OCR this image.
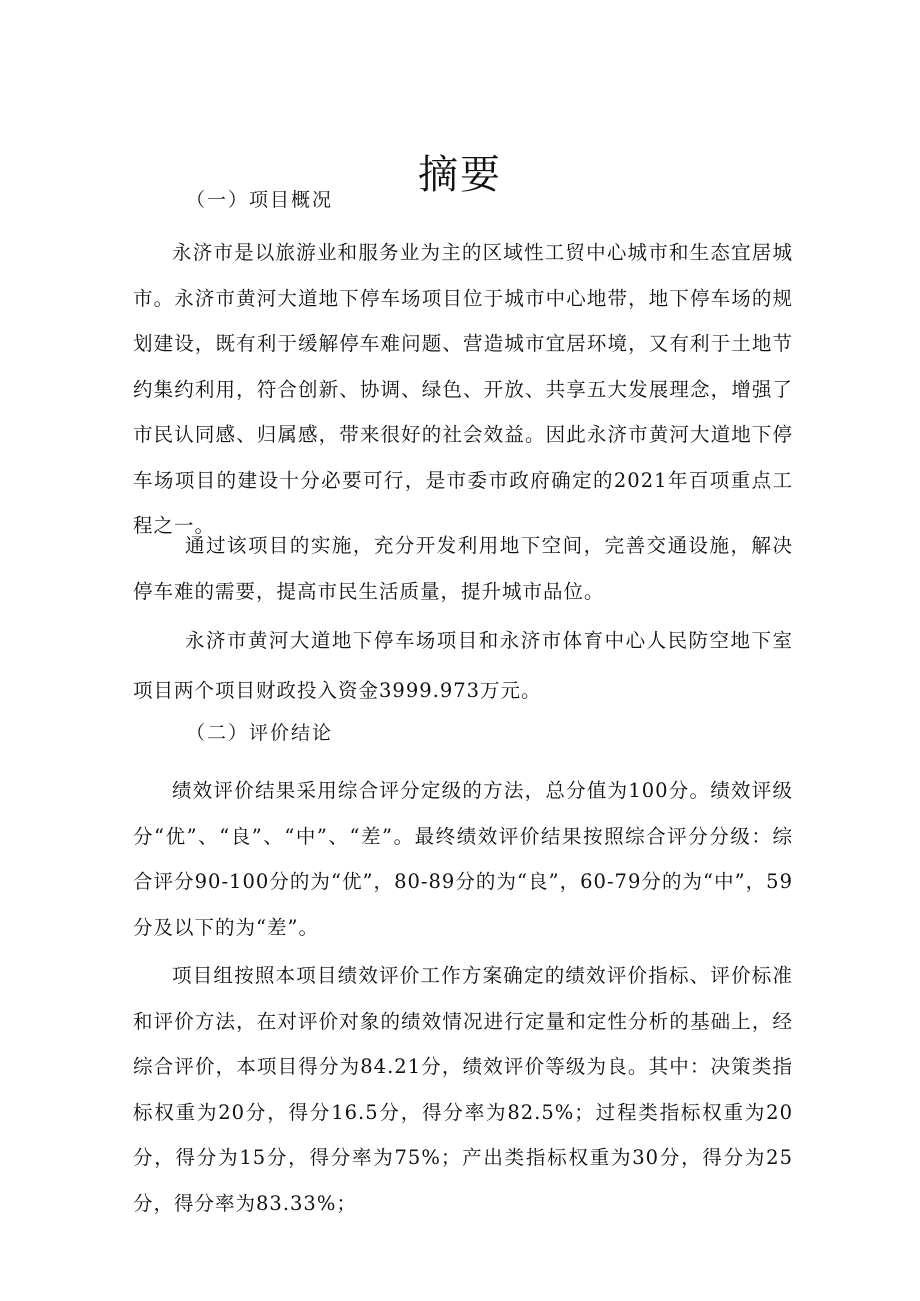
摘要
（一）项目概况

永济市是以旅游业和服务业为主的区域性工贸中心城市和生态宜居城市。永济市黄河大道地下停车场项目位于城市中心地带，地下停车场的规划建设，既有利于缓解停车难问题、营造城市宜居环境，又有利于土地节约集约利用，符合创新、协调、绿色、开放、共享五大发展理念，增强了市民认同感、归属感，带来很好的社会效益。因此永济市黄河大道地下停车场项目的建设十分必要可行，是市委市政府确定的2021年百项重点工程之一。

通过该项目的实施，充分开发利用地下空间，完善交通设施，解决停车难的需要，提高市民生活质量，提升城市品位。

永济市黄河大道地下停车场项目和永济市体育中心人民防空地下室项目两个项目财政投入资金3999.973万元。

（二）评价结论

绩效评价结果采用综合评分定级的方法，总分值为100分。绩效评级分“优”、“良”、“中”、“差”。最终绩效评价结果按照综合评分分级：综合评分90-100分的为“优”，80-89分的为“良”，60-79分的为“中”，59分及以下的为“差”。

项目组按照本项目绩效评价工作方案确定的绩效评价指标、评价标准和评价方法，在对评价对象的绩效情况进行定量和定性分析的基础上，经综合评价，本项目得分为84.21分，绩效评价等级为良。其中：决策类指标权重为20分，得分16.5分，得分率为82.5%；过程类指标权重为20分，得分为15分，得分率为75%；产出类指标权重为30分，得分为25分，得分率为83.33%；
